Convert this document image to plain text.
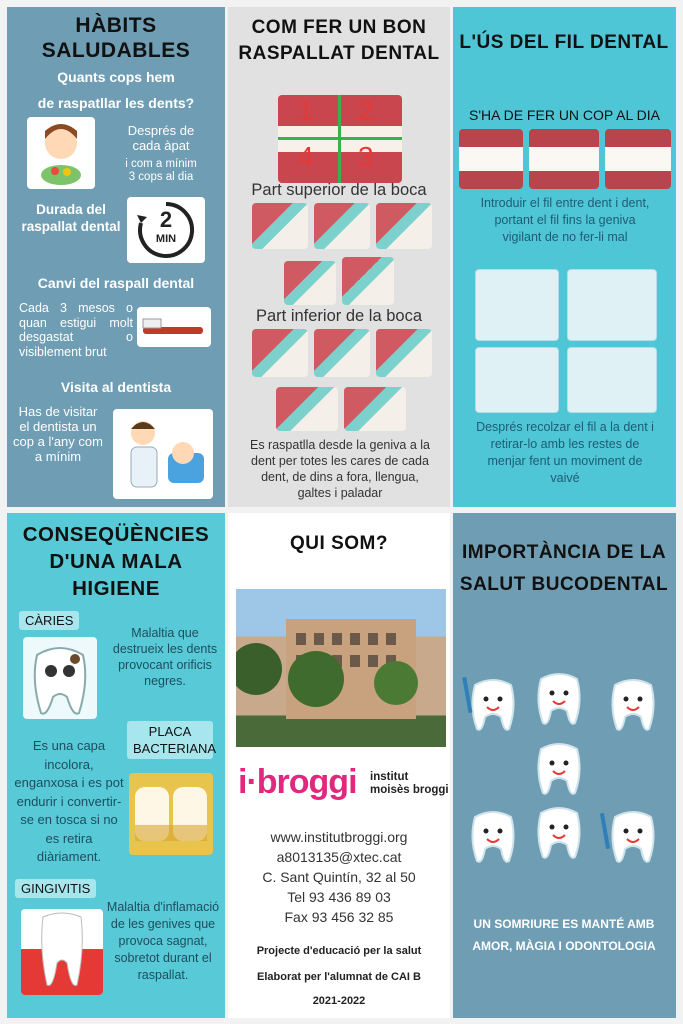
HÀBITS SALUDABLES
Quants cops hem
de raspatllar les dents?
Després de
cada àpat
i com a mínim
3 cops al dia
Durada del raspallat dental	2
MIN
Canvi del raspall dental
Cada 3 mesos o quan estigui molt desgastat o visiblement brut
Visita al dentista
Has de visitar el dentista un cop a l'any com a mínim
COM FER UN BON RASPALLAT DENTAL
1 2
4 3
Part superior de la boca
Part inferior de la boca
Es raspatlla desde la geniva a la dent per totes les cares de cada dent, de dins a fora, llengua, galtes i paladar
L'ÚS DEL FIL DENTAL
S'HA DE FER UN COP AL DIA
Introduir el fil entre dent i dent, portant el fil fins la geniva vigilant de no fer-li mal
Després recolzar el fil a la dent i retirar-lo amb les restes de menjar fent un moviment de vaivé
CONSEQÜÈNCIES D'UNA MALA HIGIENE
CÀRIES
Malaltia que destrueix les dents provocant orificis negres.
PLACA BACTERIANA
Es una capa incolora, enganxosa i es pot endurir i convertir-se en tosca si no es retira diàriament.
GINGIVITIS
Malaltia d'inflamació de les genives que provoca sagnat, sobretot durant el raspallat.
QUI SOM?
i·broggi	institut
moisès broggi
www.institutbroggi.org
a8013135@xtec.cat
C. Sant Quintín, 32 al 50
Tel 93 436 89 03
Fax 93 456 32 85
Projecte d'educació per la salut
Elaborat per l'alumnat de CAI B
2021-2022
IMPORTÀNCIA DE LA SALUT BUCODENTAL
UN SOMRIURE ES MANTÉ AMB AMOR, MÀGIA I ODONTOLOGIA
